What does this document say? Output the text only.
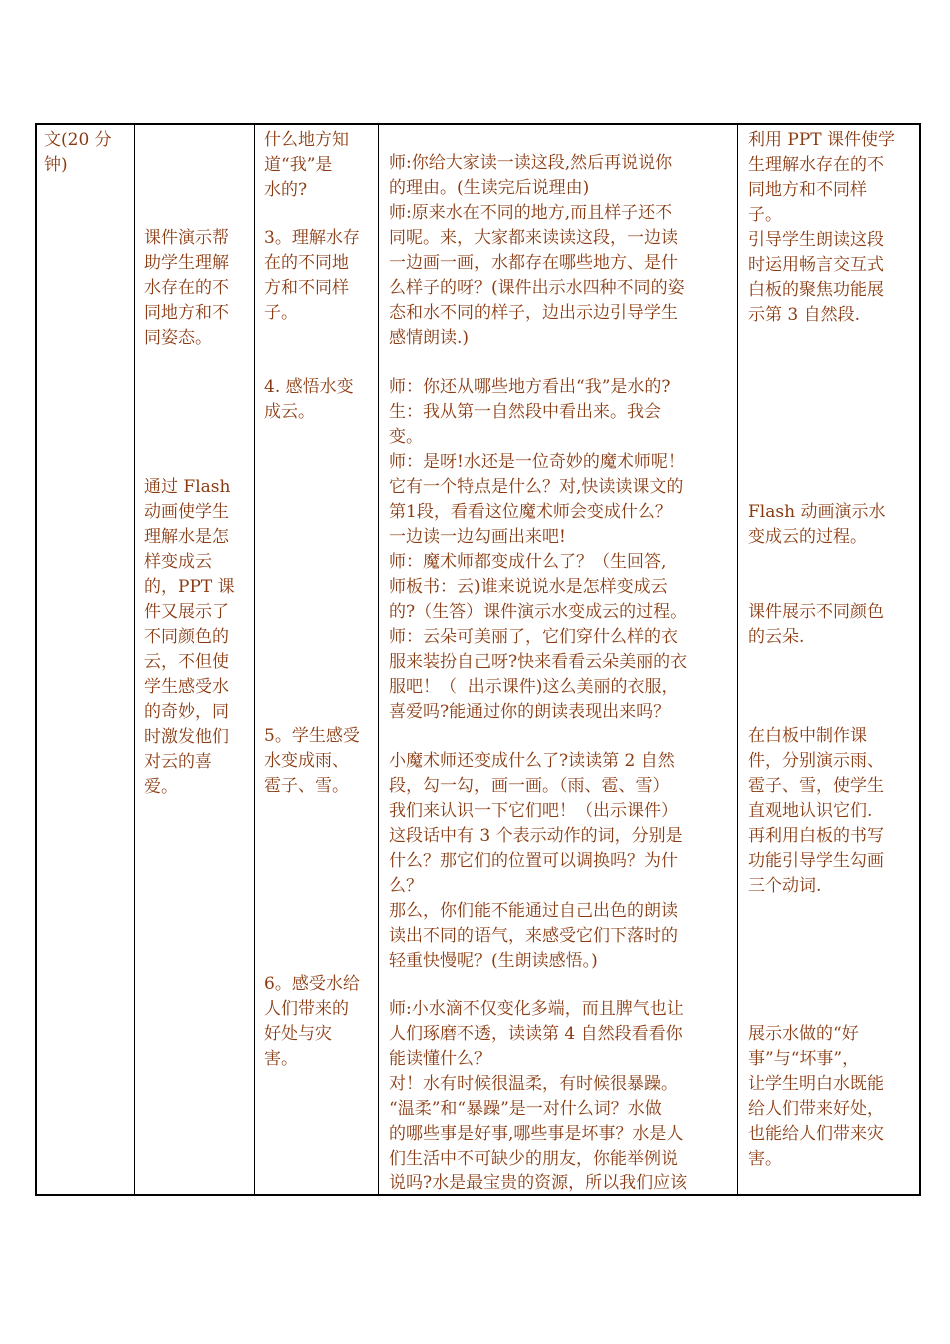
文(20 分
钟)
课件演示帮
助学生理解
水存在的不
同地方和不
同姿态。
通过 Flash
动画使学生
理解水是怎
样变成云
的，PPT 课
件又展示了
不同颜色的
云，不但使
学生感受水
的奇妙，同
时激发他们
对云的喜
爱。
什么地方知
道“我”是
水的?
3。理解水存
在的不同地
方和不同样
子。
4. 感悟水变
成云。
5。学生感受
水变成雨、
雹子、雪。
6。感受水给
人们带来的
好处与灾
害。
师:你给大家读一读这段,然后再说说你
的理由。(生读完后说理由)
师:原来水在不同的地方,而且样子还不
同呢。来，大家都来读读这段，一边读
一边画一画，水都存在哪些地方、是什
么样子的呀？(课件出示水四种不同的姿
态和水不同的样子，边出示边引导学生
感情朗读.)
师：你还从哪些地方看出“我”是水的?
生：我从第一自然段中看出来。我会
变。
师：是呀!水还是一位奇妙的魔术师呢！
它有一个特点是什么？对,快读读课文的
第1段，看看这位魔术师会变成什么？
一边读一边勾画出来吧!
师：魔术师都变成什么了？（生回答,
师板书：云)谁来说说水是怎样变成云
的?（生答）课件演示水变成云的过程。
师：云朵可美丽了，它们穿什么样的衣
服来装扮自己呀?快来看看云朵美丽的衣
服吧！（  出示课件)这么美丽的衣服，
喜爱吗?能通过你的朗读表现出来吗？
小魔术师还变成什么了?读读第 2 自然
段，勾一勾，画一画。（雨、雹、雪）
我们来认识一下它们吧！（出示课件）
这段话中有 3 个表示动作的词，分别是
什么？那它们的位置可以调换吗？为什
么？
那么，你们能不能通过自己出色的朗读
读出不同的语气，来感受它们下落时的
轻重快慢呢？(生朗读感悟。)
师:小水滴不仅变化多端，而且脾气也让
人们琢磨不透，读读第 4 自然段看看你
能读懂什么？
对！水有时候很温柔，有时候很暴躁。
“温柔”和“暴躁”是一对什么词？水做
的哪些事是好事,哪些事是坏事？水是人
们生活中不可缺少的朋友，你能举例说
说吗?水是最宝贵的资源，所以我们应该
利用 PPT 课件使学
生理解水存在的不
同地方和不同样
子。
引导学生朗读这段
时运用畅言交互式
白板的聚焦功能展
示第 3 自然段.
Flash 动画演示水
变成云的过程。
课件展示不同颜色
的云朵.
在白板中制作课
件，分别演示雨、
雹子、雪，使学生
直观地认识它们.
再利用白板的书写
功能引导学生勾画
三个动词.
展示水做的“好
事”与“坏事”，
让学生明白水既能
给人们带来好处，
也能给人们带来灾
害。
